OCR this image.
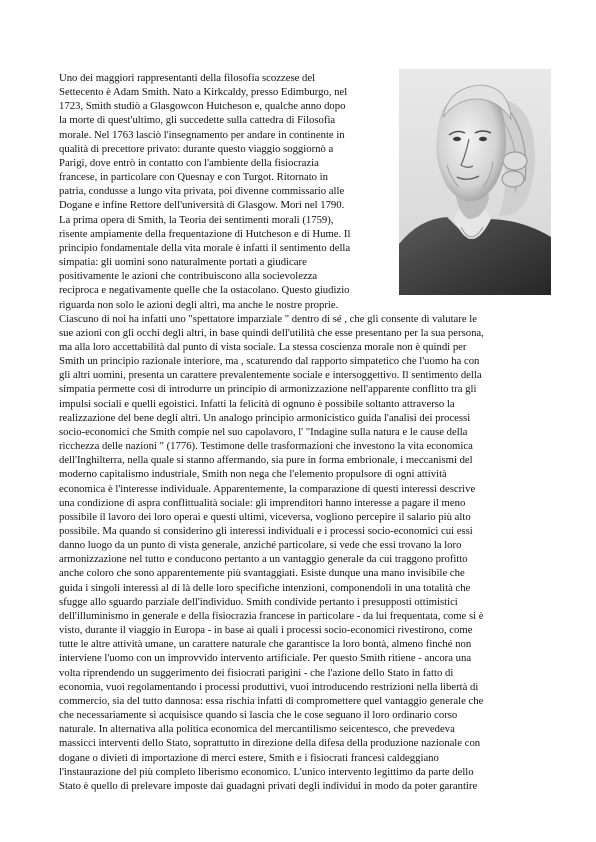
Uno dei maggiori rappresentanti della filosofia scozzese del
Settecento è Adam Smith. Nato a Kirkcaldy, presso Edimburgo, nel
1723, Smith studiò a Glasgowcon Hutcheson e, qualche anno dopo
la morte di quest'ultimo, gli succedette sulla cattedra di Filosofia
morale. Nel 1763 lasciò l'insegnamento per andare in continente in
qualità di precettore privato: durante questo viaggio soggiornò a
Parigi, dove entrò in contatto con l'ambiente della fisiocrazia
francese, in particolare con Quesnay e con Turgot. Ritornato in
patria, condusse a lungo vita privata, poi divenne commissario alle
Dogane e infine Rettore dell'università di Glasgow. Morì nel 1790.
La prima opera di Smith, la Teoria dei sentimenti morali (1759),
risente ampiamente della frequentazione di Hutcheson e di Hume. Il
principio fondamentale della vita morale è infatti il sentimento della
simpatia: gli uomini sono naturalmente portati a giudicare
positivamente le azioni che contribuiscono alla socievolezza
reciproca e negativamente quelle che la ostacolano. Questo giudizio
riguarda non solo le azioni degli altri, ma anche le nostre proprie.

Ciascuno di noi ha infatti uno "spettatore imparziale " dentro di sé , che gli consente di valutare le
sue azioni con gli occhi degli altri, in base quindi dell'utilità che esse presentano per la sua persona,
ma alla loro accettabilità dal punto di vista sociale. La stessa coscienza morale non è quindi per
Smith un principio razionale interiore, ma , scaturendo dal rapporto simpatetico che l'uomo ha con
gli altri uomini, presenta un carattere prevalentemente sociale e intersoggettivo. Il sentimento della
simpatia permette così di introdurre un principio di armonizzazione nell'apparente conflitto tra gli
impulsi sociali e quelli egoistici. Infatti la felicità di ognuno è possibile soltanto attraverso la
realizzazione del bene degli altri. Un analogo principio armonicistico guida l'analisi dei processi
socio-economici che Smith compie nel suo capolavoro, l' "Indagine sulla natura e le cause della
ricchezza delle nazioni " (1776). Testimone delle trasformazioni che investono la vita economica
dell'Inghilterra, nella quale si stanno affermando, sia pure in forma embrionale, i meccanismi del
moderno capitalismo industriale, Smith non nega che l'elemento propulsore di ogni attività
economica è l'interesse individuale. Apparentemente, la comparazione di questi interessi descrive
una condizione di aspra conflittualità sociale: gli imprenditori hanno interesse a pagare il meno
possibile il lavoro dei loro operai e questi ultimi, viceversa, vogliono percepire il salario più alto
possibile. Ma quando si considerino gli interessi individuali e i processi socio-economici cui essi
danno luogo da un punto di vista generale, anziché particolare, si vede che essi trovano la loro
armonizzazione nel tutto e conducono pertanto a un vantaggio generale da cui traggono profitto
anche coloro che sono apparentemente più svantaggiati. Esiste dunque una mano invisibile che
guida i singoli interessi al di là delle loro specifiche intenzioni, componendoli in una totalità che
sfugge allo sguardo parziale dell'individuo. Smith condivide pertanto i presupposti ottimistici
dell'illuminismo in generale e della fisiocrazia francese in particolare - da lui frequentata, come si è
visto, durante il viaggio in Europa - in base ai quali i processi socio-economici rivestirono, come
tutte le altre attività umane, un carattere naturale che garantisce la loro bontà, almeno finché non
interviene l'uomo con un improvvido intervento artificiale. Per questo Smith ritiene - ancora una
volta riprendendo un suggerimento dei fisiocrati parigini - che l'azione dello Stato in fatto di
economia, vuoi regolamentando i processi produttivi, vuoi introducendo restrizioni nella libertà di
commercio, sia del tutto dannosa: essa rischia infatti di compromettere quel vantaggio generale che
che necessariamente si acquisisce quando si lascia che le cose seguano il loro ordinario corso
naturale. In alternativa alla politica economica del mercantilismo seicentesco, che prevedeva
massicci interventi dello Stato, soprattutto in direzione della difesa della produzione nazionale con
dogane o divieti di importazione di merci estere, Smith e i fisiocrati francesi caldeggiano
l'instaurazione del più completo liberismo economico. L'unico intervento legittimo da parte dello
Stato è quello di prelevare imposte dai guadagni privati degli individui in modo da poter garantire
